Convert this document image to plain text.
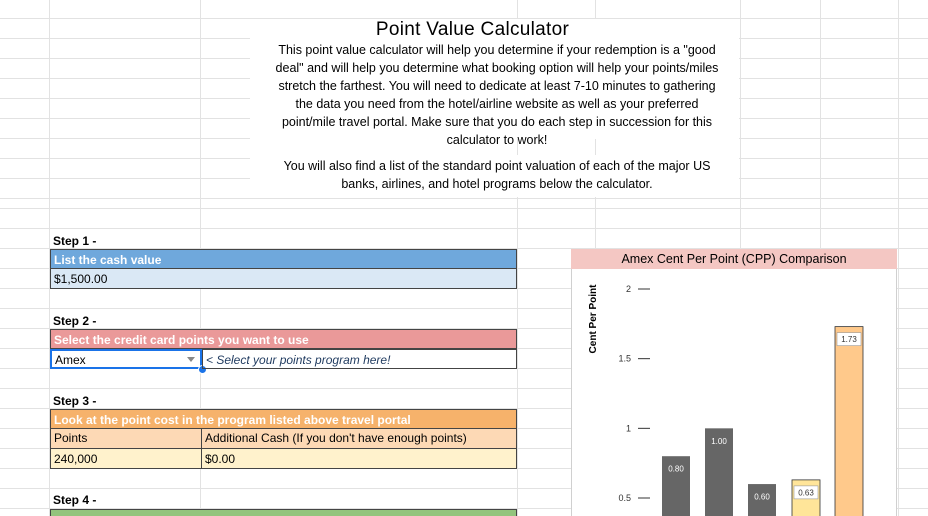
Point Value Calculator
This point value calculator will help you determine if your redemption is a "good
deal" and will help you determine what booking option will help your points/miles
stretch the farthest. You will need to dedicate at least 7-10 minutes to gathering
the data you need from the hotel/airline website as well as your preferred
point/mile travel portal. Make sure that you do each step in succession for this
calculator to work!
You will also find a list of the standard point valuation of each of the major US
banks, airlines, and hotel programs below the calculator.
Step 1 -
List the cash value
$1,500.00
Step 2 -
Select the credit card points you want to use
Amex	< Select your points program here!
Step 3 -
Look at the point cost in the program listed above travel portal
Points	Additional Cash (If you don't have enough points)
240,000	$0.00
Step 4 -
Amex Cent Per Point (CPP) Comparison
Cent Per Point	2
1.5
1
0.5
0.80
1.00
0.60	0.63
1.73
